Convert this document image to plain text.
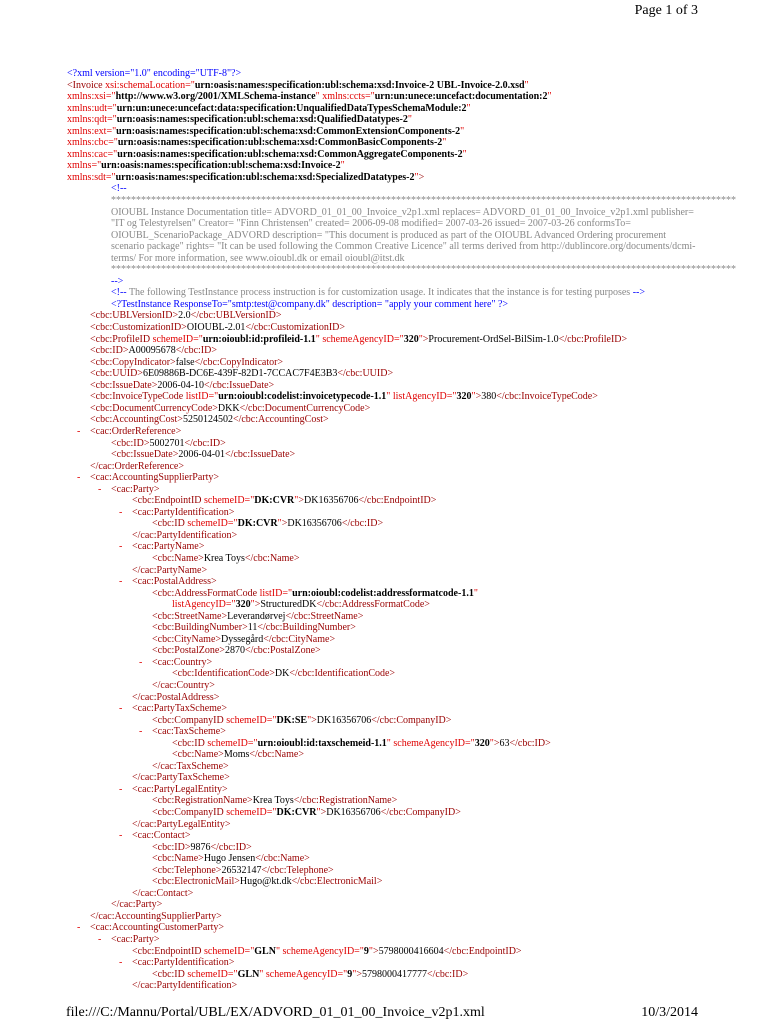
Page 1 of 3
<?xml version="1.0" encoding="UTF-8"?>
<Invoice xsi:schemaLocation="urn:oasis:names:specification:ubl:schema:xsd:Invoice-2 UBL-Invoice-2.0.xsd"
xmlns:xsi="http://www.w3.org/2001/XMLSchema-instance" xmlns:ccts="urn:un:unece:uncefact:documentation:2"
xmlns:udt="urn:un:unece:uncefact:data:specification:UnqualifiedDataTypesSchemaModule:2"
xmlns:qdt="urn:oasis:names:specification:ubl:schema:xsd:QualifiedDatatypes-2"
xmlns:ext="urn:oasis:names:specification:ubl:schema:xsd:CommonExtensionComponents-2"
xmlns:cbc="urn:oasis:names:specification:ubl:schema:xsd:CommonBasicComponents-2"
xmlns:cac="urn:oasis:names:specification:ubl:schema:xsd:CommonAggregateComponents-2"
xmlns="urn:oasis:names:specification:ubl:schema:xsd:Invoice-2"
xmlns:sdt="urn:oasis:names:specification:ubl:schema:xsd:SpecializedDatatypes-2">
<!--
*****************************************************************************************************************************
OIOUBL Instance Documentation title= ADVORD_01_01_00_Invoice_v2p1.xml replaces= ADVORD_01_01_00_Invoice_v2p1.xml publisher= "IT og Telestyrelsen" Creator= "Finn Christensen" created= 2006-09-08 modified= 2007-03-26 issued= 2007-03-26 conformsTo= OIOUBL_ScenarioPackage_ADVORD description= "This document is produced as part of the OIOUBL Advanced Ordering procurement scenario package" rights= "It can be used following the Common Creative Licence" all terms derived from http://dublincore.org/documents/dcmi-terms/ For more information, see www.oioubl.dk or email oioubl@itst.dk
*****************************************************************************************************************************
-->
<!-- The following TestInstance process instruction is for customization usage. It indicates that the instance is for testing purposes -->
<?TestInstance ResponseTo="smtp:test@company.dk" description= "apply your comment here" ?>
<cbc:UBLVersionID>2.0</cbc:UBLVersionID>
<cbc:CustomizationID>OIOUBL-2.01</cbc:CustomizationID>
<cbc:ProfileID schemeID="urn:oioubl:id:profileid-1.1" schemeAgencyID="320">Procurement-OrdSel-BilSim-1.0</cbc:ProfileID>
<cbc:ID>A00095678</cbc:ID>
<cbc:CopyIndicator>false</cbc:CopyIndicator>
<cbc:UUID>6E09886B-DC6E-439F-82D1-7CCAC7F4E3B3</cbc:UUID>
<cbc:IssueDate>2006-04-10</cbc:IssueDate>
<cbc:InvoiceTypeCode listID="urn:oioubl:codelist:invoicetypecode-1.1" listAgencyID="320">380</cbc:InvoiceTypeCode>
<cbc:DocumentCurrencyCode>DKK</cbc:DocumentCurrencyCode>
<cbc:AccountingCost>5250124502</cbc:AccountingCost>
- <cac:OrderReference>
<cbc:ID>5002701</cbc:ID>
<cbc:IssueDate>2006-04-01</cbc:IssueDate>
</cac:OrderReference>
- <cac:AccountingSupplierParty>
- <cac:Party>
<cbc:EndpointID schemeID="DK:CVR">DK16356706</cbc:EndpointID>
- <cac:PartyIdentification>
<cbc:ID schemeID="DK:CVR">DK16356706</cbc:ID>
</cac:PartyIdentification>
- <cac:PartyName>
<cbc:Name>Krea Toys</cbc:Name>
</cac:PartyName>
- <cac:PostalAddress>
<cbc:AddressFormatCode listID="urn:oioubl:codelist:addressformatcode-1.1"
listAgencyID="320">StructuredDK</cbc:AddressFormatCode>
<cbc:StreetName>Leverandørvej</cbc:StreetName>
<cbc:BuildingNumber>11</cbc:BuildingNumber>
<cbc:CityName>Dyssegård</cbc:CityName>
<cbc:PostalZone>2870</cbc:PostalZone>
- <cac:Country>
<cbc:IdentificationCode>DK</cbc:IdentificationCode>
</cac:Country>
</cac:PostalAddress>
- <cac:PartyTaxScheme>
<cbc:CompanyID schemeID="DK:SE">DK16356706</cbc:CompanyID>
- <cac:TaxScheme>
<cbc:ID schemeID="urn:oioubl:id:taxschemeid-1.1" schemeAgencyID="320">63</cbc:ID>
<cbc:Name>Moms</cbc:Name>
</cac:TaxScheme>
</cac:PartyTaxScheme>
- <cac:PartyLegalEntity>
<cbc:RegistrationName>Krea Toys</cbc:RegistrationName>
<cbc:CompanyID schemeID="DK:CVR">DK16356706</cbc:CompanyID>
</cac:PartyLegalEntity>
- <cac:Contact>
<cbc:ID>9876</cbc:ID>
<cbc:Name>Hugo Jensen</cbc:Name>
<cbc:Telephone>26532147</cbc:Telephone>
<cbc:ElectronicMail>Hugo@kt.dk</cbc:ElectronicMail>
</cac:Contact>
</cac:Party>
</cac:AccountingSupplierParty>
- <cac:AccountingCustomerParty>
- <cac:Party>
<cbc:EndpointID schemeID="GLN" schemeAgencyID="9">5798000416604</cbc:EndpointID>
- <cac:PartyIdentification>
<cbc:ID schemeID="GLN" schemeAgencyID="9">5798000417777</cbc:ID>
</cac:PartyIdentification>
file:///C:/Mannu/Portal/UBL/EX/ADVORD_01_01_00_Invoice_v2p1.xml	10/3/2014
